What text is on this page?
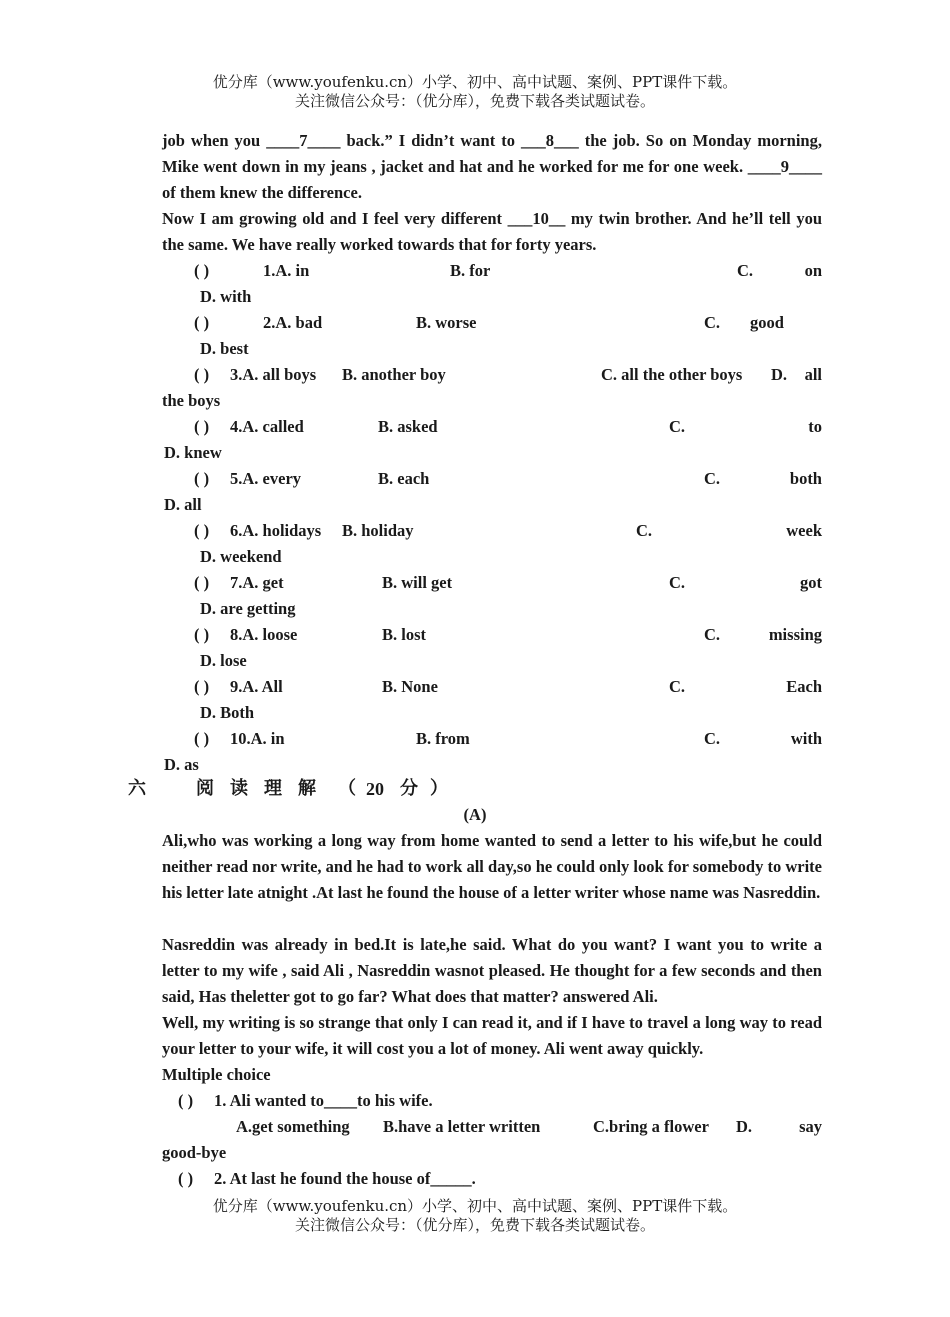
优分库（www.youfenku.cn）小学、初中、高中试题、案例、PPT课件下载。
关注微信公众号：（优分库），免费下载各类试题试卷。
job when you ____7____ back.” I didn’t want to ___8___ the job. So on Monday morning, Mike went down in my jeans , jacket and hat and he worked for me for one week. ____9____ of them knew the difference.
Now I am growing old and I feel very different ___10__ my twin brother. And he’ll tell you the same. We have really worked towards that for forty years.
( )	1.A. in	B. for	C.	on
D. with
( )	2.A. bad	B. worse	C. good
D. best
( ) 3.A. all boys B. another boy	C. all the other boys D. all
the boys
( ) 4.A. called	B. asked	C.	to
D. knew
( ) 5.A. every	B. each	C.	both
D. all
( ) 6.A. holidays B. holiday	C.	week
D. weekend
( ) 7.A. get	B. will get	C.	got
D. are getting
( ) 8.A. loose	B. lost	C.	missing
D. lose
( ) 9.A. All	B. None	C.	Each
D. Both
( ) 10.A. in	B. from	C.	with
D. as
六	阅 读 理 解 （ 20 分 ）
(A)
Ali,who was working a long way from home wanted to send a letter to his wife,but he could neither read nor write, and he had to work all day,so he could only look for somebody to write his letter late atnight .At last he found the house of a letter writer whose name was Nasreddin.
Nasreddin was already in bed.It is late,he said. What do you want? I want you to write a letter to my wife , said Ali , Nasreddin wasnot pleased. He thought for a few seconds and then said, Has theletter got to go far? What does that matter? answered Ali.
Well, my writing is so strange that only I can read it, and if I have to travel a long way to read your letter to your wife, it will cost you a lot of money. Ali went away quickly.
Multiple choice
( ) 1. Ali wanted to____to his wife.
A.get something B.have a letter written	C.bring a flower D.	say
good-bye
( ) 2. At last he found the house of_____.
优分库（www.youfenku.cn）小学、初中、高中试题、案例、PPT课件下载。
关注微信公众号：（优分库），免费下载各类试题试卷。
